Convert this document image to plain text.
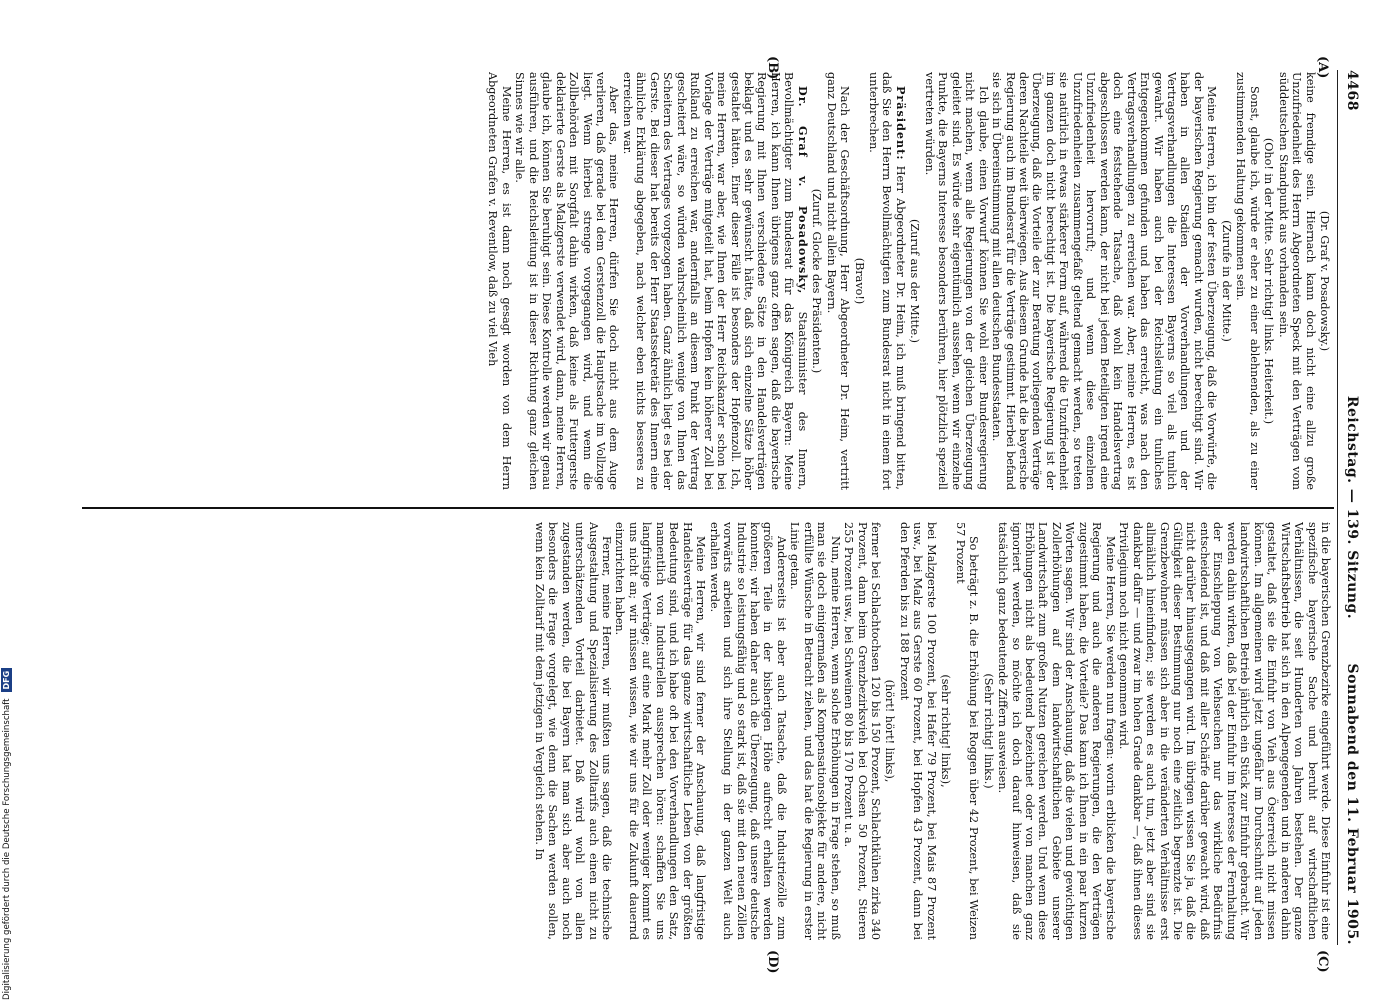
4468
Reichstag. — 139. Sitzung.
Sonnabend den 11. Februar 1905.
(A)
(B)
(C)
(D)

(Dr. Graf v. Posadowsky.)

keine fremdige sein. Hiernach kann doch nicht eine allzu große Unzufriedenheit des Herrn Abgeordneten Speck mit den Verträgen vom süddeutschen Standpunkt aus vorhanden sein.

(Oho! in der Mitte. Sehr richtig! links. Heiterkeit.)

Sonst, glaube ich, würde er eher zu einer ablehnenden, als zu einer zustimmenden Haltung gekommen sein.

(Zurufe in der Mitte.)

Meine Herren, ich bin der festen Überzeugung, daß die Vorwürfe, die der bayerischen Regierung gemacht wurden, nicht berechtigt sind. Wir haben in allen Stadien der Vorverhandlungen und der Vertragsverhandlungen die Interessen Bayerns so viel als tunlich gewahrt. Wir haben auch bei der Reichsleitung ein tunliches Entgegenkommen gefunden und haben das erreicht, was nach den Vertragsverhandlungen zu erreichen war. Aber, meine Herren, es ist doch eine feststehende Tatsache, daß wohl kein Handelsvertrag abgeschlossen werden kann, der nicht bei jedem Beteiligten irgend eine Unzufriedenheit hervorruft; und wenn diese einzelnen Unzufriedenheiten zusammengefaßt geltend gemacht werden, so treten sie natürlich in etwas stärkerer Form auf, während die Unzufriedenheit im ganzen doch nicht berechtigt ist. Die bayerische Regierung ist der Überzeugung, daß die Vorteile der zur Beratung vorliegenden Verträge deren Nachteile weit überwiegen. Aus diesem Grunde hat die bayerische Regierung auch im Bundesrat für die Verträge gestimmt. Hierbei befand sie sich in Übereinstimmung mit allen deutschen Bundesstaaten.

Ich glaube, einen Vorwurf können Sie wohl einer Bundesregierung nicht machen, wenn alle Regierungen von der gleichen Überzeugung geleitet sind. Es würde sehr eigentümlich aussehen, wenn wir einzelne Punkte, die Bayerns Interesse besonders berühren, hier plötzlich speziell vertreten würden.

(Zuruf aus der Mitte.)

Präsident: Herr Abgeordneter Dr. Heim, ich muß bringend bitten, daß Sie den Herrn Bevollmächtigten zum Bundesrat nicht in einem fort unterbrechen.

(Bravo!)

Nach der Geschäftsordnung, Herr Abgeordneter Dr. Heim, vertritt ganz Deutschland und nicht allein Bayern.

(Zuruf. Glocke des Präsidenten.)

Dr. Graf v. Posadowsky, Staatsminister des Innern, Bevollmächtigter zum Bundesrat für das Königreich Bayern: Meine Herren, ich kann Ihnen übrigens ganz offen sagen, daß die bayerische Regierung mit Ihnen verschiedene Sätze in den Handelsverträgen beklagt und es sehr gewünscht hätte, daß sich einzelne Sätze höher gestaltet hätten. Einer dieser Fälle ist besonders der Hopfenzoll. Ich, meine Herren, war aber, wie Ihnen der Herr Reichskanzler schon bei Vorlage der Verträge mitgeteilt hat, beim Hopfen kein höherer Zoll bei Rußland zu erreichen war, andernfalls an diesem Punkt der Vertrag gescheitert wäre, so würden wahrscheinlich wenige von Ihnen das Scheitern des Vertrages vorgezogen haben. Ganz ähnlich liegt es bei der Gerste. Bei dieser hat bereits der Herr Staatssekretär des Innern eine ähnliche Erklärung abgegeben, nach welcher eben nichts besseres zu erreichen war.

Aber das, meine Herren, dürfen Sie doch nicht aus dem Auge verlieren, daß gerade bei dem Gerstenzoll die Hauptsache im Vollzuge liegt. Wenn hierbei strenge vorgegangen wird, und wenn die Zollbehörden mit Sorgfalt dahin wirken, daß keine als Futtergerste deklarierte Gerste als Malzgerste verwendet wird, dann, meine Herren, glaube ich, können Sie beruhigt sein. Diese Kontrolle werden wir genau ausführen, und die Reichsleitung ist in dieser Richtung ganz gleichen Sinnes wie wir alle.

Meine Herren, es ist dann noch gesagt worden von dem Herrn Abgeordneten Grafen v. Reventlow, daß zu viel Vieh

in die bayerischen Grenzbezirke eingeführt werde. Diese Einfuhr ist eine spezifische bayerische Sache und beruht auf wirtschaftlichen Verhältnissen, die seit Hunderten von Jahren bestehen. Der ganze Wirtschaftsbetrieb hat sich in den Alpengegenden und in anderen dahin gestaltet, daß sie die Einfuhr von Vieh aus Österreich nicht missen können. Im allgemeinen wird jetzt ungefähr im Durchschnitt auf jeden landwirtschaftlichen Betrieb jährlich ein Stück zur Einfuhr gebracht. Wir werden dahin wirken, daß bei der Einfuhr im Interesse der Fernhaltung der Einschleppung von Viehseuchen nur das wirkliche Bedürfnis entscheidend ist, und daß mit aller Schärfe darüber gewacht wird, daß nicht darüber hinausgegangen wird. Im übrigen wissen Sie ja, daß die Gültigkeit dieser Bestimmung nur noch eine zeitlich begrenzte ist. Die Grenzbewohner müssen sich aber in die veränderten Verhältnisse erst allmählich hineinfinden; sie werden es auch tun, jetzt aber sind sie dankbar dafür — und zwar im hohen Grade dankbar —, daß ihnen dieses Privilegium noch nicht genommen wird.

Meine Herren, Sie werden nun fragen: worin erblicken die bayerische Regierung und auch die anderen Regierungen, die den Verträgen zugestimmt haben, die Vorteile? Das kann ich Ihnen in ein paar kurzen Worten sagen. Wir sind der Anschauung, daß die vielen und gewichtigen Zollerhöhungen auf dem landwirtschaftlichen Gebiete unserer Landwirtschaft zum großen Nutzen gereichen werden. Und wenn diese Erhöhungen nicht als bedeutend bezeichnet oder von manchen ganz ignoriert werden, so möchte ich doch darauf hinweisen, daß sie tatsächlich ganz bedeutende Ziffern ausweisen.

(Sehr richtig! links.)

So beträgt z. B. die Erhöhung bei Roggen über 42 Prozent, bei Weizen 57 Prozent

(sehr richtig! links),

bei Malzgerste 100 Prozent, bei Hafer 79 Prozent, bei Mais 87 Prozent usw., bei Malz aus Gerste 60 Prozent, bei Hopfen 43 Prozent, dann bei den Pferden bis zu 188 Prozent

(hört! hört! links),

ferner bei Schlachtochsen 120 bis 150 Prozent, Schlachtkühen zirka 340 Prozent, dann beim Grenzbezirksvieh bei Ochsen 50 Prozent, Stieren 255 Prozent usw., bei Schweinen 80 bis 170 Prozent u. a.

Nun, meine Herren, wenn solche Erhöhungen in Frage stehen, so muß man sie doch einigermaßen als Kompensationsobjekte für andere, nicht erfüllte Wünsche in Betracht ziehen, und das hat die Regierung in erster Linie getan.

Andererseits ist aber auch Tatsache, daß die Industriezölle zum größeren Teile in der bisherigen Höhe aufrecht erhalten werden konnten; wir haben daher auch die Überzeugung, daß unsere deutsche Industrie so leistungsfähig und so stark ist, daß sie mit den neuen Zöllen vorwärts arbeiten und sich ihre Stellung in der ganzen Welt auch erhalten werde.

Meine Herren, wir sind ferner der Anschauung, daß langfristige Handelsverträge für das ganze wirtschaftliche Leben von der größten Bedeutung sind, und ich habe oft bei den Vorverhandlungen den Satz, namentlich von Industriellen aussprechen hören: schaffen Sie uns langfristige Verträge; auf eine Mark mehr Zoll oder weniger kommt es uns nicht an; wir müssen wissen, wie wir uns für die Zukunft dauernd einzurichten haben.

Ferner, meine Herren, wir mußten uns sagen, daß die technische Ausgestaltung und Spezialisierung des Zolltarifs auch einen nicht zu unterschätzenden Vorteil darbietet. Daß wird wohl von allen zugestanden werden, die bei Bayern hat man sich aber auch noch besonders die Frage vorgelegt, wie denn die Sachen werden sollen, wenn kein Zolltarif mit dem jetzigen in Vergleich stehen. In

Digitalisierung gefördert durch die Deutsche ForschungsgemeinschaftDFG
